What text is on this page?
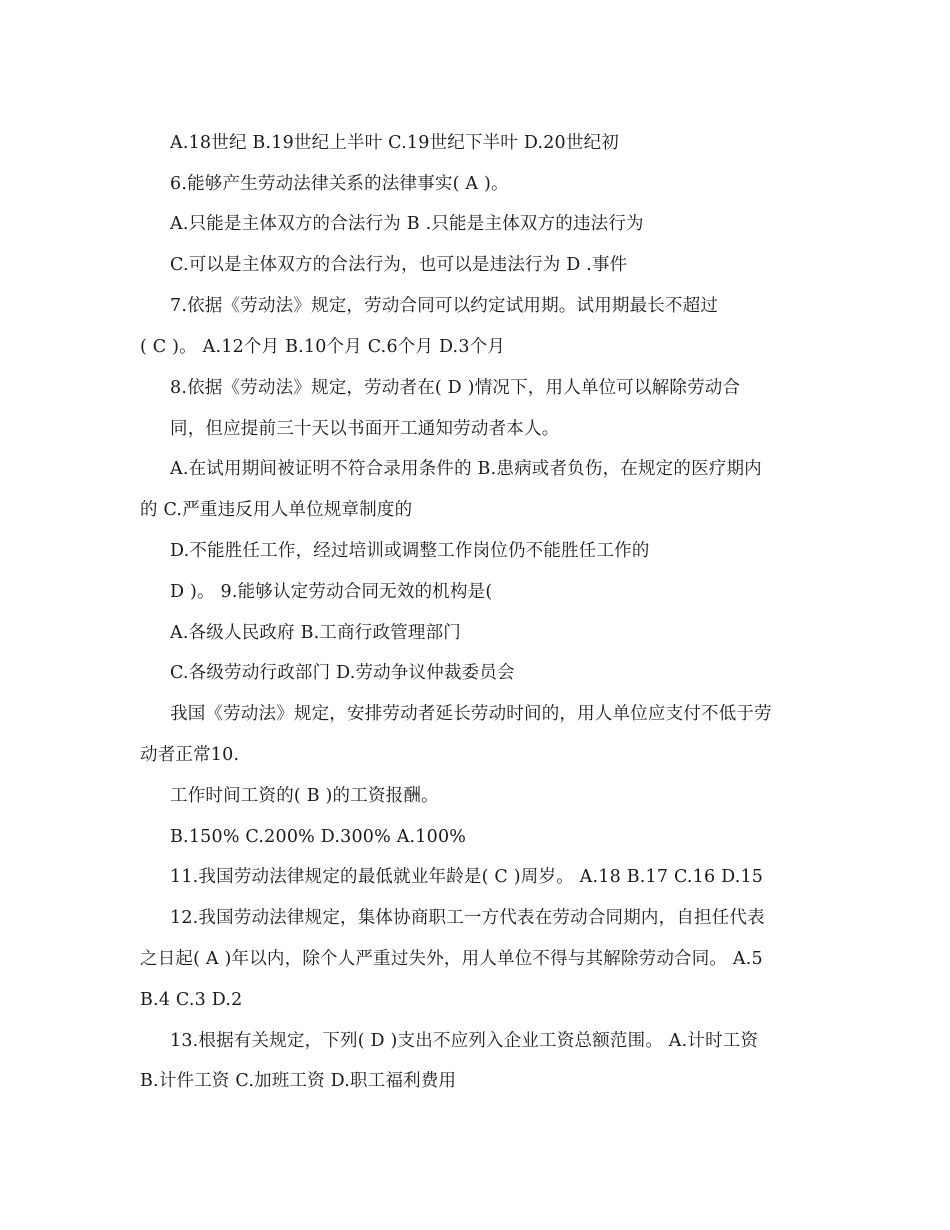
A.18世纪 B.19世纪上半叶 C.19世纪下半叶 D.20世纪初
6.能够产生劳动法律关系的法律事实( A )。
A.只能是主体双方的合法行为 B .只能是主体双方的违法行为
C.可以是主体双方的合法行为，也可以是违法行为 D .事件
7.依据《劳动法》规定，劳动合同可以约定试用期。试用期最长不超过
( C )。 A.12个月 B.10个月 C.6个月 D.3个月
8.依据《劳动法》规定，劳动者在( D )情况下，用人单位可以解除劳动合
同，但应提前三十天以书面开工通知劳动者本人。
A.在试用期间被证明不符合录用条件的 B.患病或者负伤，在规定的医疗期内
的 C.严重违反用人单位规章制度的
D.不能胜任工作，经过培训或调整工作岗位仍不能胜任工作的
D )。 9.能够认定劳动合同无效的机构是(
A.各级人民政府 B.工商行政管理部门
C.各级劳动行政部门 D.劳动争议仲裁委员会
我国《劳动法》规定，安排劳动者延长劳动时间的，用人单位应支付不低于劳
动者正常10.
工作时间工资的( B )的工资报酬。
B.150% C.200% D.300% A.100%
11.我国劳动法律规定的最低就业年龄是( C )周岁。 A.18 B.17 C.16 D.15
12.我国劳动法律规定，集体协商职工一方代表在劳动合同期内，自担任代表
之日起( A )年以内，除个人严重过失外，用人单位不得与其解除劳动合同。 A.5
B.4 C.3 D.2
13.根据有关规定，下列( D )支出不应列入企业工资总额范围。 A.计时工资
B.计件工资 C.加班工资 D.职工福利费用
